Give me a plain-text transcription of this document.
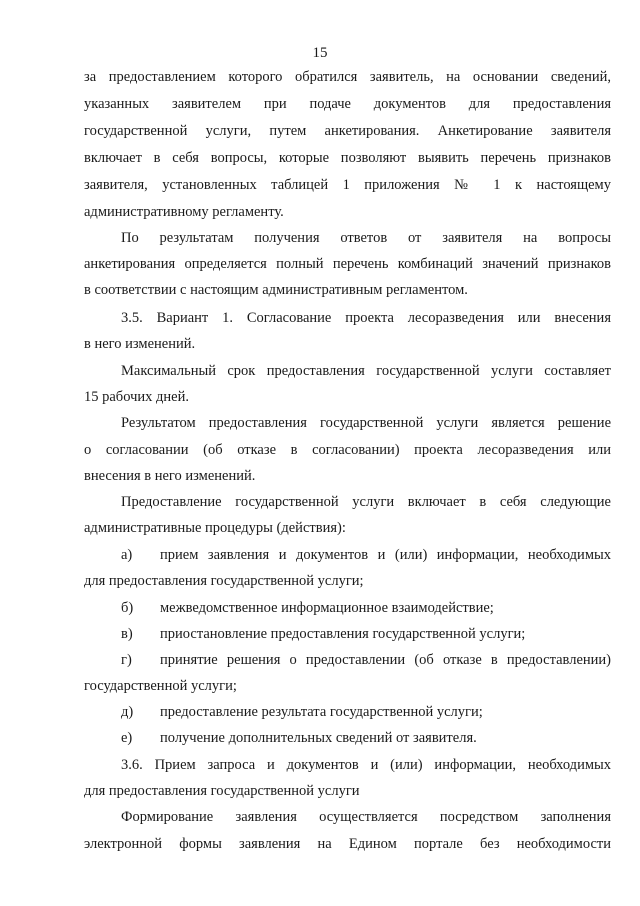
15
за предоставлением которого обратился заявитель, на основании сведений,
указанных заявителем при подаче документов для предоставления
государственной услуги, путем анкетирования. Анкетирование заявителя
включает в себя вопросы, которые позволяют выявить перечень признаков
заявителя, установленных таблицей 1 приложения № 1 к настоящему
административному регламенту.
По результатам получения ответов от заявителя на вопросы
анкетирования определяется полный перечень комбинаций значений признаков
в соответствии с настоящим административным регламентом.
3.5. Вариант 1. Согласование проекта лесоразведения или внесения
в него изменений.
Максимальный срок предоставления государственной услуги составляет
15 рабочих дней.
Результатом предоставления государственной услуги является решение
о согласовании (об отказе в согласовании) проекта лесоразведения или
внесения в него изменений.
Предоставление государственной услуги включает в себя следующие
административные процедуры (действия):
а) прием заявления и документов и (или) информации, необходимых
для предоставления государственной услуги;
б) межведомственное информационное взаимодействие;
в) приостановление предоставления государственной услуги;
г) принятие решения о предоставлении (об отказе в предоставлении)
государственной услуги;
д) предоставление результата государственной услуги;
е) получение дополнительных сведений от заявителя.
3.6. Прием запроса и документов и (или) информации, необходимых
для предоставления государственной услуги
Формирование заявления осуществляется посредством заполнения
электронной формы заявления на Едином портале без необходимости
